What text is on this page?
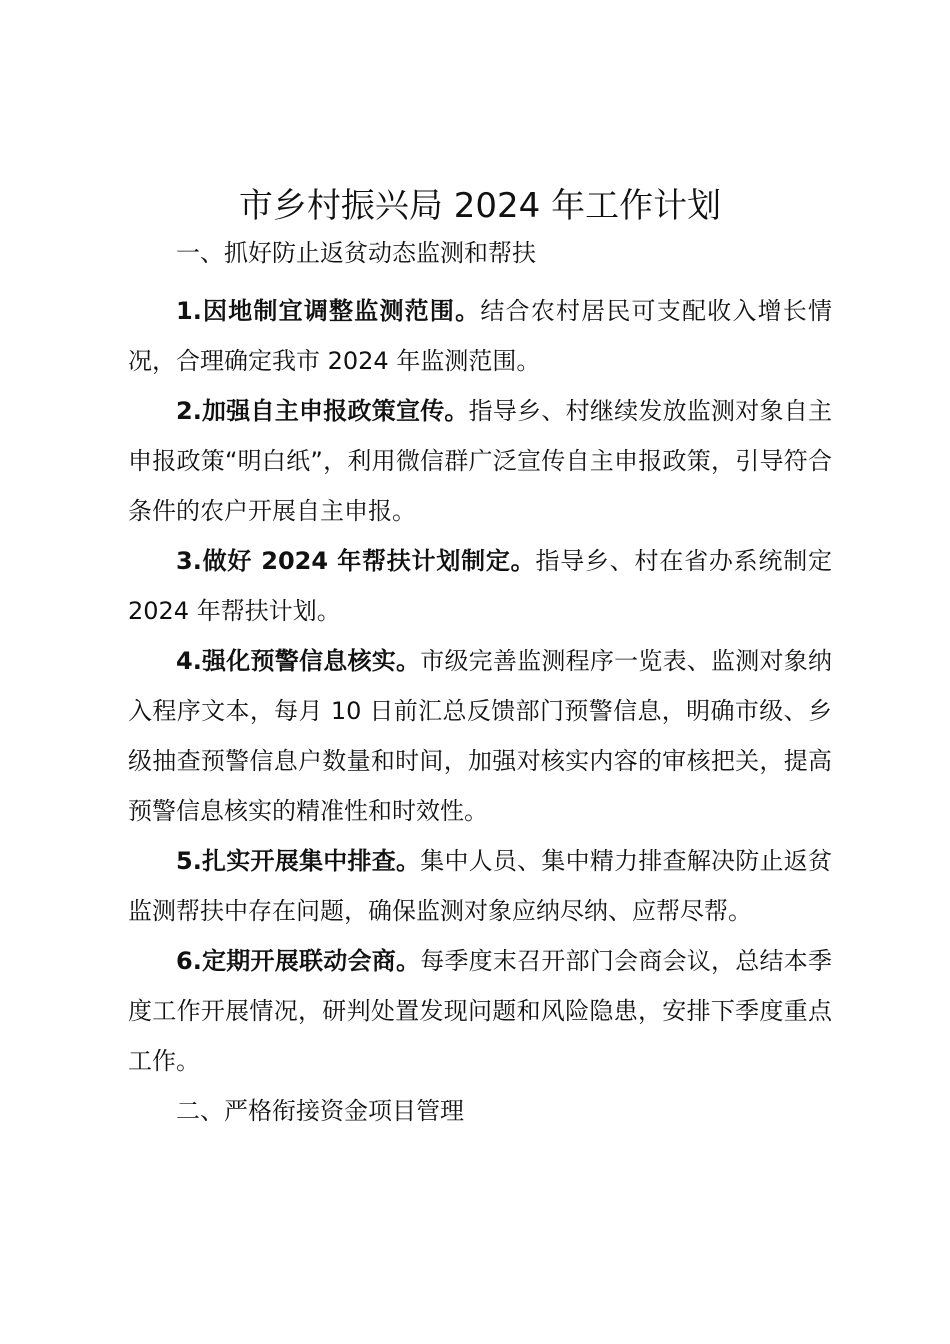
市乡村振兴局 2024 年工作计划

一、抓好防止返贫动态监测和帮扶

1.因地制宜调整监测范围。结合农村居民可支配收入增长情况，合理确定我市 2024 年监测范围。

2.加强自主申报政策宣传。指导乡、村继续发放监测对象自主申报政策“明白纸”，利用微信群广泛宣传自主申报政策，引导符合条件的农户开展自主申报。

3.做好 2024 年帮扶计划制定。指导乡、村在省办系统制定 2024 年帮扶计划。

4.强化预警信息核实。市级完善监测程序一览表、监测对象纳入程序文本，每月 10 日前汇总反馈部门预警信息，明确市级、乡级抽查预警信息户数量和时间，加强对核实内容的审核把关，提高预警信息核实的精准性和时效性。

5.扎实开展集中排查。集中人员、集中精力排查解决防止返贫监测帮扶中存在问题，确保监测对象应纳尽纳、应帮尽帮。

6.定期开展联动会商。每季度末召开部门会商会议，总结本季度工作开展情况，研判处置发现问题和风险隐患，安排下季度重点工作。

二、严格衔接资金项目管理
